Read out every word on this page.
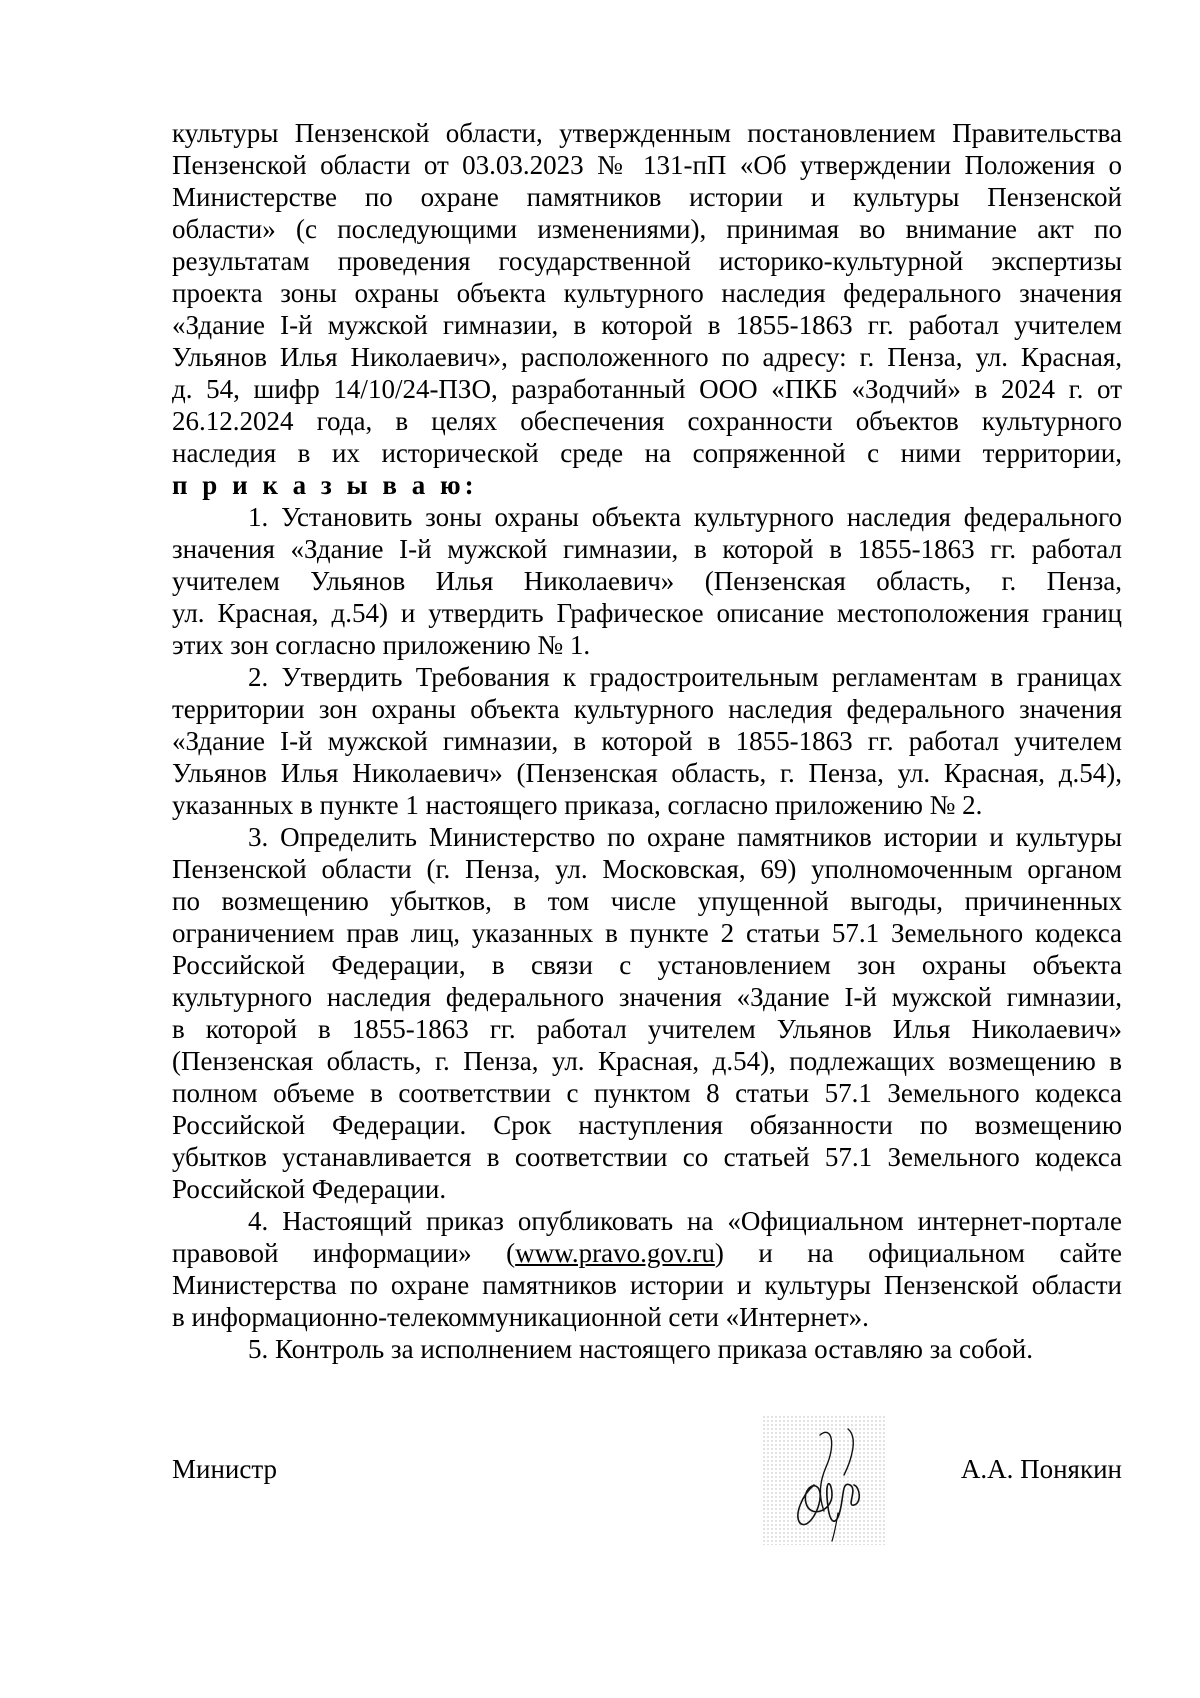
культуры Пензенской области, утвержденным постановлением Правительства
Пензенской области от 03.03.2023 № 131-пП «Об утверждении Положения о
Министерстве по охране памятников истории и культуры Пензенской
области» (с последующими изменениями), принимая во внимание акт по
результатам проведения государственной историко-культурной экспертизы
проекта зоны охраны объекта культурного наследия федерального значения
«Здание I-й мужской гимназии, в которой в 1855-1863 гг. работал учителем
Ульянов Илья Николаевич», расположенного по адресу: г. Пенза, ул. Красная,
д. 54, шифр 14/10/24-ПЗО, разработанный ООО «ПКБ «Зодчий» в 2024 г. от
26.12.2024 года, в целях обеспечения сохранности объектов культурного
наследия в их исторической среде на сопряженной с ними территории,
п р и к а з ы в а ю:
1. Установить зоны охраны объекта культурного наследия федерального
значения «Здание I-й мужской гимназии, в которой в 1855-1863 гг. работал
учителем Ульянов Илья Николаевич» (Пензенская область, г. Пенза,
ул. Красная, д.54) и утвердить Графическое описание местоположения границ
этих зон согласно приложению № 1.
2. Утвердить Требования к градостроительным регламентам в границах
территории зон охраны объекта культурного наследия федерального значения
«Здание I-й мужской гимназии, в которой в 1855-1863 гг. работал учителем
Ульянов Илья Николаевич» (Пензенская область, г. Пенза, ул. Красная, д.54),
указанных в пункте 1 настоящего приказа, согласно приложению № 2.
3. Определить Министерство по охране памятников истории и культуры
Пензенской области (г. Пенза, ул. Московская, 69) уполномоченным органом
по возмещению убытков, в том числе упущенной выгоды, причиненных
ограничением прав лиц, указанных в пункте 2 статьи 57.1 Земельного кодекса
Российской Федерации, в связи с установлением зон охраны объекта
культурного наследия федерального значения «Здание I-й мужской гимназии,
в которой в 1855-1863 гг. работал учителем Ульянов Илья Николаевич»
(Пензенская область, г. Пенза, ул. Красная, д.54), подлежащих возмещению в
полном объеме в соответствии с пунктом 8 статьи 57.1 Земельного кодекса
Российской Федерации. Срок наступления обязанности по возмещению
убытков устанавливается в соответствии со статьей 57.1 Земельного кодекса
Российской Федерации.
4. Настоящий приказ опубликовать на «Официальном интернет-портале
правовой информации» (www.pravo.gov.ru) и на официальном сайте
Министерства по охране памятников истории и культуры Пензенской области
в информационно-телекоммуникационной сети «Интернет».
5. Контроль за исполнением настоящего приказа оставляю за собой.
Министр	А.А. Понякин
